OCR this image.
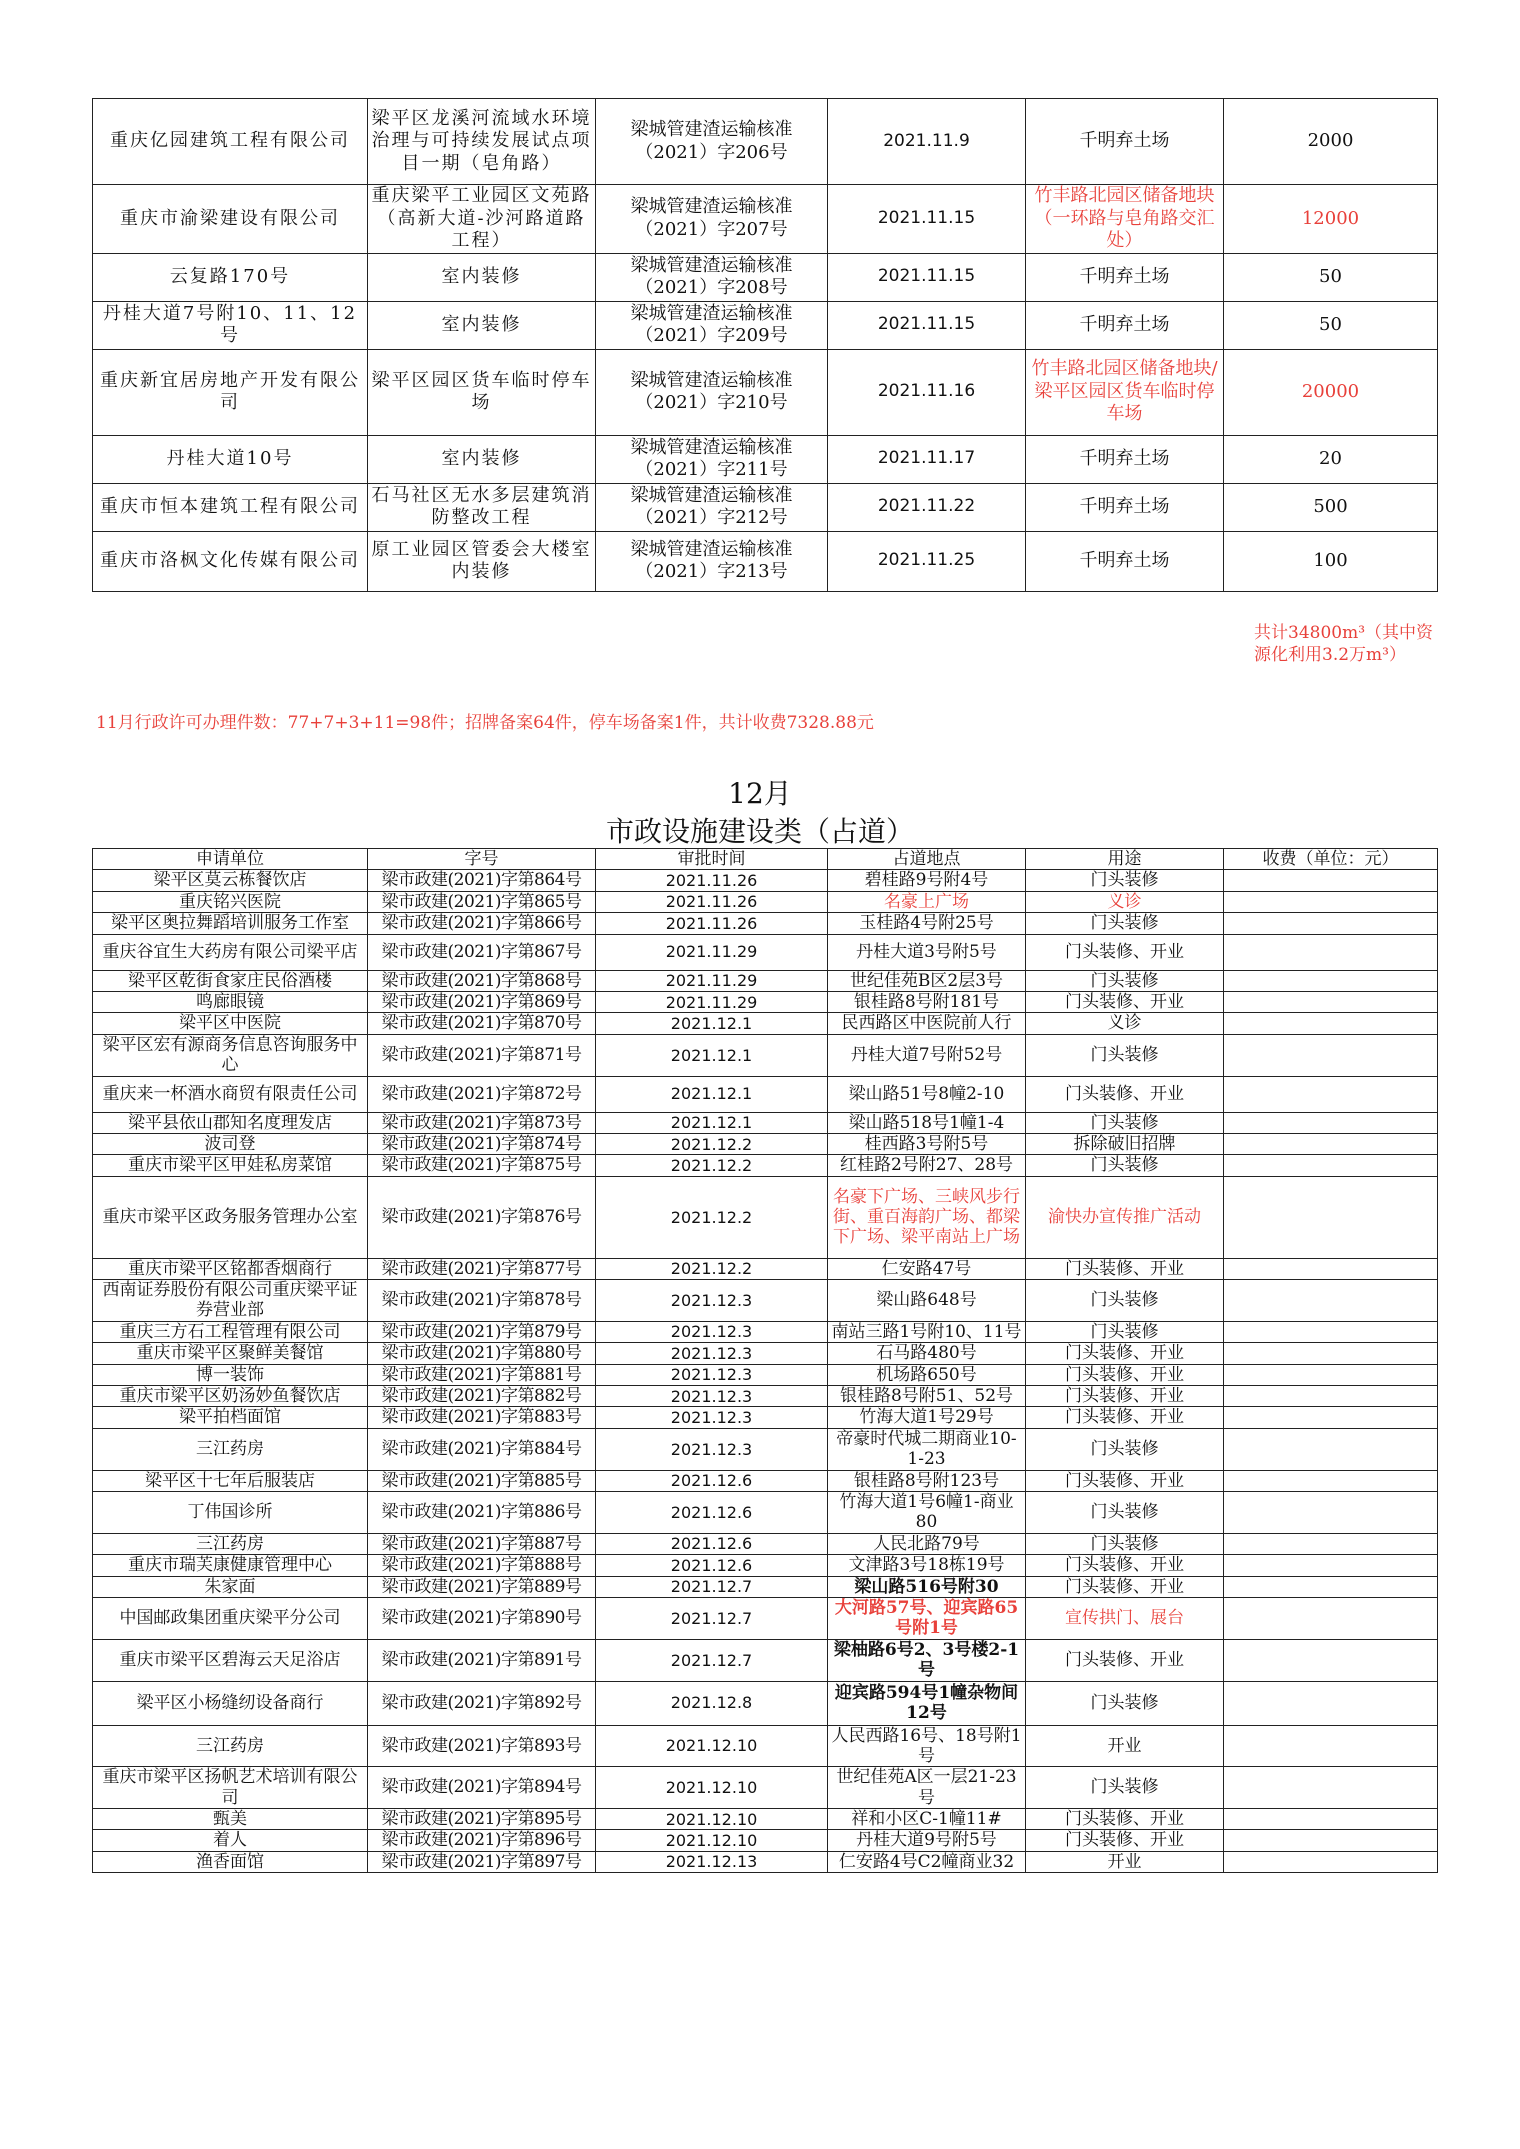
重庆亿园建筑工程有限公司	梁平区龙溪河流域水环境治理与可持续发展试点项目一期（皂角路）	梁城管建渣运输核准（2021）字206号	2021.11.9	千明弃土场	2000
重庆市渝梁建设有限公司	重庆梁平工业园区文苑路（高新大道-沙河路道路工程）	梁城管建渣运输核准（2021）字207号	2021.11.15	竹丰路北园区储备地块（一环路与皂角路交汇处）	12000
云复路170号	室内装修	梁城管建渣运输核准（2021）字208号	2021.11.15	千明弃土场	50
丹桂大道7号附10、11、12号	室内装修	梁城管建渣运输核准（2021）字209号	2021.11.15	千明弃土场	50
重庆新宜居房地产开发有限公司	梁平区园区货车临时停车场	梁城管建渣运输核准（2021）字210号	2021.11.16	竹丰路北园区储备地块/梁平区园区货车临时停车场	20000
丹桂大道10号	室内装修	梁城管建渣运输核准（2021）字211号	2021.11.17	千明弃土场	20
重庆市恒本建筑工程有限公司	石马社区无水多层建筑消防整改工程	梁城管建渣运输核准（2021）字212号	2021.11.22	千明弃土场	500
重庆市洛枫文化传媒有限公司	原工业园区管委会大楼室内装修	梁城管建渣运输核准（2021）字213号	2021.11.25	千明弃土场	100
共计34800m³（其中资源化利用3.2万m³）
11月行政许可办理件数：77+7+3+11=98件；招牌备案64件，停车场备案1件，共计收费7328.88元
12月
市政设施建设类（占道）
申请单位	字号	审批时间	占道地点	用途	收费（单位：元）
梁平区莫云栋餐饮店	梁市政建(2021)字第864号	2021.11.26	碧桂路9号附4号	门头装修	
重庆铭兴医院	梁市政建(2021)字第865号	2021.11.26	名豪上广场	义诊	
梁平区奥拉舞蹈培训服务工作室	梁市政建(2021)字第866号	2021.11.26	玉桂路4号附25号	门头装修	
重庆谷宜生大药房有限公司梁平店	梁市政建(2021)字第867号	2021.11.29	丹桂大道3号附5号	门头装修、开业	
梁平区乾街食家庄民俗酒楼	梁市政建(2021)字第868号	2021.11.29	世纪佳苑B区2层3号	门头装修	
鸣廊眼镜	梁市政建(2021)字第869号	2021.11.29	银桂路8号附181号	门头装修、开业	
梁平区中医院	梁市政建(2021)字第870号	2021.12.1	民西路区中医院前人行	义诊	
梁平区宏有源商务信息咨询服务中心	梁市政建(2021)字第871号	2021.12.1	丹桂大道7号附52号	门头装修	
重庆来一杯酒水商贸有限责任公司	梁市政建(2021)字第872号	2021.12.1	梁山路51号8幢2-10	门头装修、开业	
梁平县依山郡知名度理发店	梁市政建(2021)字第873号	2021.12.1	梁山路518号1幢1-4	门头装修	
波司登	梁市政建(2021)字第874号	2021.12.2	桂西路3号附5号	拆除破旧招牌	
重庆市梁平区甲娃私房菜馆	梁市政建(2021)字第875号	2021.12.2	红桂路2号附27、28号	门头装修	
重庆市梁平区政务服务管理办公室	梁市政建(2021)字第876号	2021.12.2	名豪下广场、三峡风步行街、重百海韵广场、都梁下广场、梁平南站上广场	渝快办宣传推广活动	
重庆市梁平区铭都香烟商行	梁市政建(2021)字第877号	2021.12.2	仁安路47号	门头装修、开业	
西南证券股份有限公司重庆梁平证券营业部	梁市政建(2021)字第878号	2021.12.3	梁山路648号	门头装修	
重庆三方石工程管理有限公司	梁市政建(2021)字第879号	2021.12.3	南站三路1号附10、11号	门头装修	
重庆市梁平区聚鲜美餐馆	梁市政建(2021)字第880号	2021.12.3	石马路480号	门头装修、开业	
博一装饰	梁市政建(2021)字第881号	2021.12.3	机场路650号	门头装修、开业	
重庆市梁平区奶汤妙鱼餐饮店	梁市政建(2021)字第882号	2021.12.3	银桂路8号附51、52号	门头装修、开业	
梁平拍档面馆	梁市政建(2021)字第883号	2021.12.3	竹海大道1号29号	门头装修、开业	
三江药房	梁市政建(2021)字第884号	2021.12.3	帝豪时代城二期商业10-1-23	门头装修	
梁平区十七年后服装店	梁市政建(2021)字第885号	2021.12.6	银桂路8号附123号	门头装修、开业	
丁伟国诊所	梁市政建(2021)字第886号	2021.12.6	竹海大道1号6幢1-商业80	门头装修	
三江药房	梁市政建(2021)字第887号	2021.12.6	人民北路79号	门头装修	
重庆市瑞芙康健康管理中心	梁市政建(2021)字第888号	2021.12.6	文津路3号18栋19号	门头装修、开业	
朱家面	梁市政建(2021)字第889号	2021.12.7	梁山路516号附30	门头装修、开业	
中国邮政集团重庆梁平分公司	梁市政建(2021)字第890号	2021.12.7	大河路57号、迎宾路65号附1号	宣传拱门、展台	
重庆市梁平区碧海云天足浴店	梁市政建(2021)字第891号	2021.12.7	梁柚路6号2、3号楼2-1号	门头装修、开业	
梁平区小杨缝纫设备商行	梁市政建(2021)字第892号	2021.12.8	迎宾路594号1幢杂物间12号	门头装修	
三江药房	梁市政建(2021)字第893号	2021.12.10	人民西路16号、18号附1号	开业	
重庆市梁平区扬帆艺术培训有限公司	梁市政建(2021)字第894号	2021.12.10	世纪佳苑A区一层21-23号	门头装修	
甄美	梁市政建(2021)字第895号	2021.12.10	祥和小区C-1幢11#	门头装修、开业	
着人	梁市政建(2021)字第896号	2021.12.10	丹桂大道9号附5号	门头装修、开业	
渔香面馆	梁市政建(2021)字第897号	2021.12.13	仁安路4号C2幢商业32	开业	
